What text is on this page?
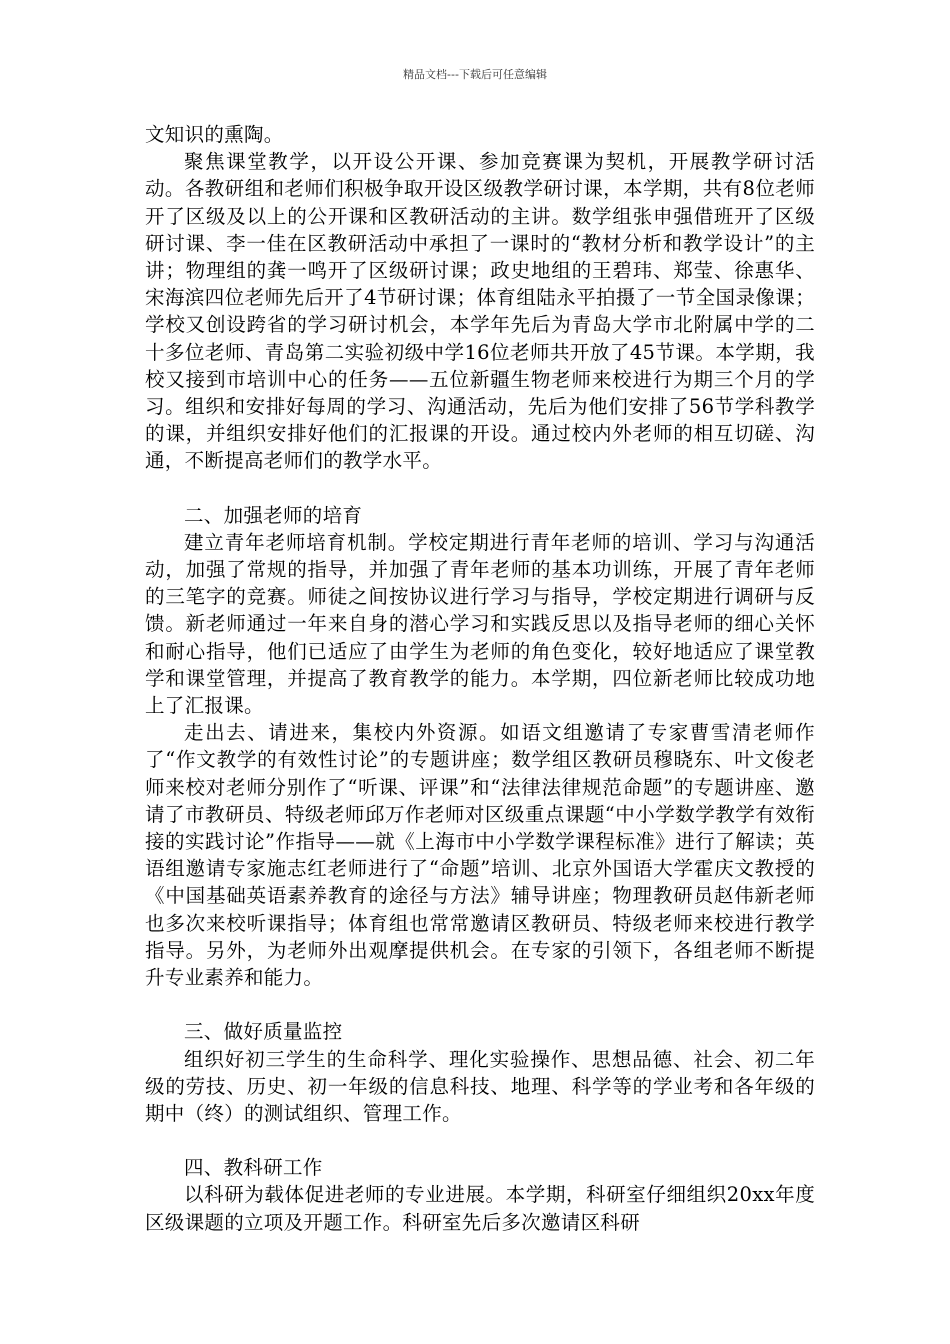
精品文档---下载后可任意编辑

文知识的熏陶。

聚焦课堂教学，以开设公开课、参加竞赛课为契机，开展教学研讨活动。各教研组和老师们积极争取开设区级教学研讨课，本学期，共有8位老师开了区级及以上的公开课和区教研活动的主讲。数学组张申强借班开了区级研讨课、李一佳在区教研活动中承担了一课时的“教材分析和教学设计”的主讲；物理组的龚一鸣开了区级研讨课；政史地组的王碧玮、郑莹、徐惠华、宋海滨四位老师先后开了4节研讨课；体育组陆永平拍摄了一节全国录像课；学校又创设跨省的学习研讨机会，本学年先后为青岛大学市北附属中学的二十多位老师、青岛第二实验初级中学16位老师共开放了45节课。本学期，我校又接到市培训中心的任务——五位新疆生物老师来校进行为期三个月的学习。组织和安排好每周的学习、沟通活动，先后为他们安排了56节学科教学的课，并组织安排好他们的汇报课的开设。通过校内外老师的相互切磋、沟通，不断提高老师们的教学水平。

二、加强老师的培育

建立青年老师培育机制。学校定期进行青年老师的培训、学习与沟通活动，加强了常规的指导，并加强了青年老师的基本功训练，开展了青年老师的三笔字的竞赛。师徒之间按协议进行学习与指导，学校定期进行调研与反馈。新老师通过一年来自身的潜心学习和实践反思以及指导老师的细心关怀和耐心指导，他们已适应了由学生为老师的角色变化，较好地适应了课堂教学和课堂管理，并提高了教育教学的能力。本学期，四位新老师比较成功地上了汇报课。

走出去、请进来，集校内外资源。如语文组邀请了专家曹雪清老师作了“作文教学的有效性讨论”的专题讲座；数学组区教研员穆晓东、叶文俊老师来校对老师分别作了“听课、评课”和“法律法律规范命题”的专题讲座、邀请了市教研员、特级老师邱万作老师对区级重点课题“中小学数学教学有效衔接的实践讨论”作指导——就《上海市中小学数学课程标准》进行了解读；英语组邀请专家施志红老师进行了“命题”培训、北京外国语大学霍庆文教授的《中国基础英语素养教育的途径与方法》辅导讲座；物理教研员赵伟新老师也多次来校听课指导；体育组也常常邀请区教研员、特级老师来校进行教学指导。另外，为老师外出观摩提供机会。在专家的引领下，各组老师不断提升专业素养和能力。

三、做好质量监控

组织好初三学生的生命科学、理化实验操作、思想品德、社会、初二年级的劳技、历史、初一年级的信息科技、地理、科学等的学业考和各年级的期中（终）的测试组织、管理工作。

四、教科研工作

以科研为载体促进老师的专业进展。本学期，科研室仔细组织20xx年度区级课题的立项及开题工作。科研室先后多次邀请区科研
